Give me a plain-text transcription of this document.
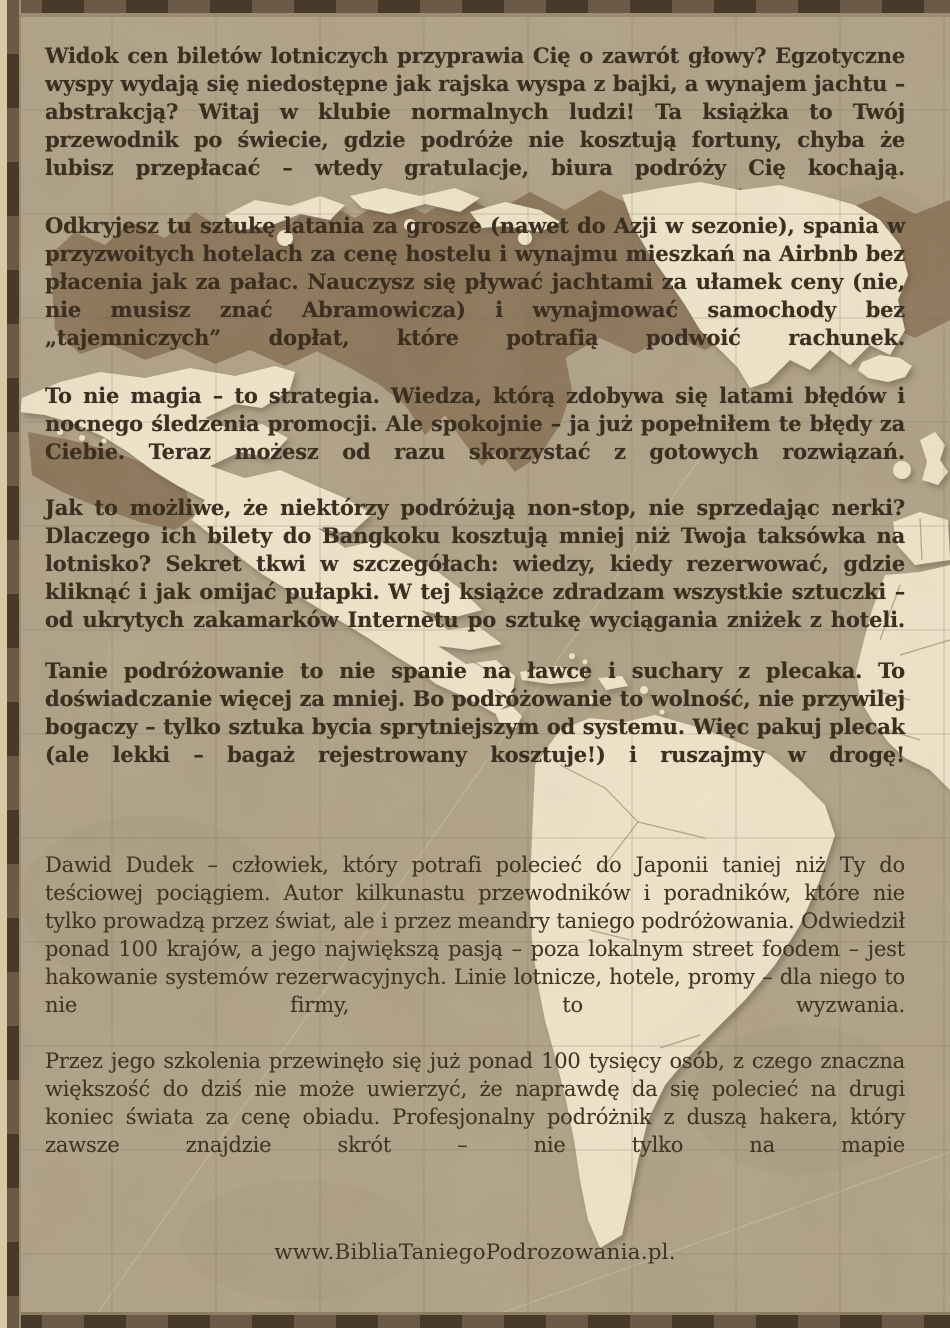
Widok cen biletów lotniczych przyprawia Cię o zawrót głowy? Egzotyczne wyspy wydają się niedostępne jak rajska wyspa z bajki, a wynajem jachtu – abstrakcją? Witaj w klubie normalnych ludzi! Ta książka to Twój przewodnik po świecie, gdzie podróże nie kosztują fortuny, chyba że lubisz przepłacać – wtedy gratulacje, biura podróży Cię kochają.

Odkryjesz tu sztukę latania za grosze (nawet do Azji w sezonie), spania w przyzwoitych hotelach za cenę hostelu i wynajmu mieszkań na Airbnb bez płacenia jak za pałac. Nauczysz się pływać jachtami za ułamek ceny (nie, nie musisz znać Abramowicza) i wynajmować samochody bez „tajemniczych” dopłat, które potrafią podwoić rachunek.

To nie magia – to strategia. Wiedza, którą zdobywa się latami błędów i nocnego śledzenia promocji. Ale spokojnie – ja już popełniłem te błędy za Ciebie. Teraz możesz od razu skorzystać z gotowych rozwiązań.

Jak to możliwe, że niektórzy podróżują non-stop, nie sprzedając nerki? Dlaczego ich bilety do Bangkoku kosztują mniej niż Twoja taksówka na lotnisko? Sekret tkwi w szczegółach: wiedzy, kiedy rezerwować, gdzie kliknąć i jak omijać pułapki. W tej książce zdradzam wszystkie sztuczki – od ukrytych zakamarków Internetu po sztukę wyciągania zniżek z hoteli.

Tanie podróżowanie to nie spanie na ławce i suchary z plecaka. To doświadczanie więcej za mniej. Bo podróżowanie to wolność, nie przywilej bogaczy – tylko sztuka bycia sprytniejszym od systemu. Więc pakuj plecak (ale lekki – bagaż rejestrowany kosztuje!) i ruszajmy w drogę!

Dawid Dudek – człowiek, który potrafi polecieć do Japonii taniej niż Ty do teściowej pociągiem. Autor kilkunastu przewodników i poradników, które nie tylko prowadzą przez świat, ale i przez meandry taniego podróżowania. Odwiedził ponad 100 krajów, a jego największą pasją – poza lokalnym street foodem – jest hakowanie systemów rezerwacyjnych. Linie lotnicze, hotele, promy – dla niego to nie firmy, to wyzwania.

Przez jego szkolenia przewinęło się już ponad 100 tysięcy osób, z czego znaczna większość do dziś nie może uwierzyć, że naprawdę da się polecieć na drugi koniec świata za cenę obiadu. Profesjonalny podróżnik z duszą hakera, który zawsze znajdzie skrót – nie tylko na mapie

www.BibliaTaniegoPodrozowania.pl.
